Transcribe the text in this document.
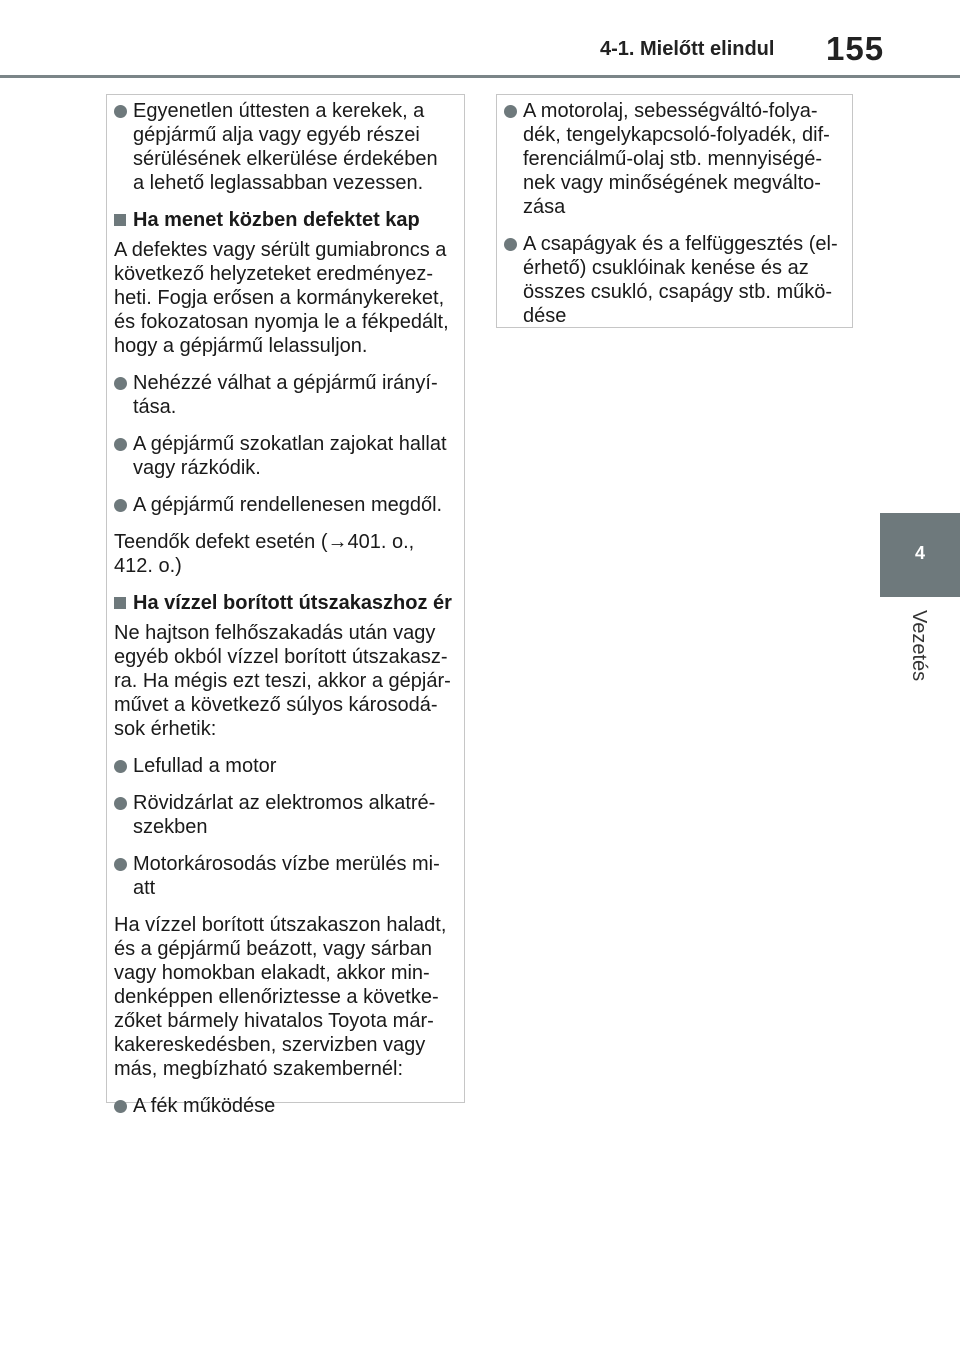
4-1. Mielőtt elindul 155
4
Vezetés
Egyenetlen úttesten a kerekek, a gépjármű alja vagy egyéb részei sérülésének elkerülése érdekében a lehető leglassabban vezessen.
Ha menet közben defektet kap
A defektes vagy sérült gumiabroncs a következő helyzeteket eredményez-heti. Fogja erősen a kormánykereket, és fokozatosan nyomja le a fékpedált, hogy a gépjármű lelassuljon.
Nehézzé válhat a gépjármű irányí-tása.
A gépjármű szokatlan zajokat hallat vagy rázkódik.
A gépjármű rendellenesen megdől.
Teendők defekt esetén (→401. o., 412. o.)
Ha vízzel borított útszakaszhoz ér
Ne hajtson felhőszakadás után vagy egyéb okból vízzel borított útszakasz-ra. Ha mégis ezt teszi, akkor a gépjár-művet a következő súlyos károsodá-sok érhetik:
Lefullad a motor
Rövidzárlat az elektromos alkatré-szekben
Motorkárosodás vízbe merülés mi-att
Ha vízzel borított útszakaszon haladt, és a gépjármű beázott, vagy sárban vagy homokban elakadt, akkor min-denképpen ellenőriztesse a követke-zőket bármely hivatalos Toyota már-kakereskedésben, szervizben vagy más, megbízható szakembernél:
A fék működése
A motorolaj, sebességváltó-folya-dék, tengelykapcsoló-folyadék, dif-ferenciálmű-olaj stb. mennyiségé-nek vagy minőségének megválto-zása
A csapágyak és a felfüggesztés (el-érhető) csuklóinak kenése és az összes csukló, csapágy stb. műkö-dése
